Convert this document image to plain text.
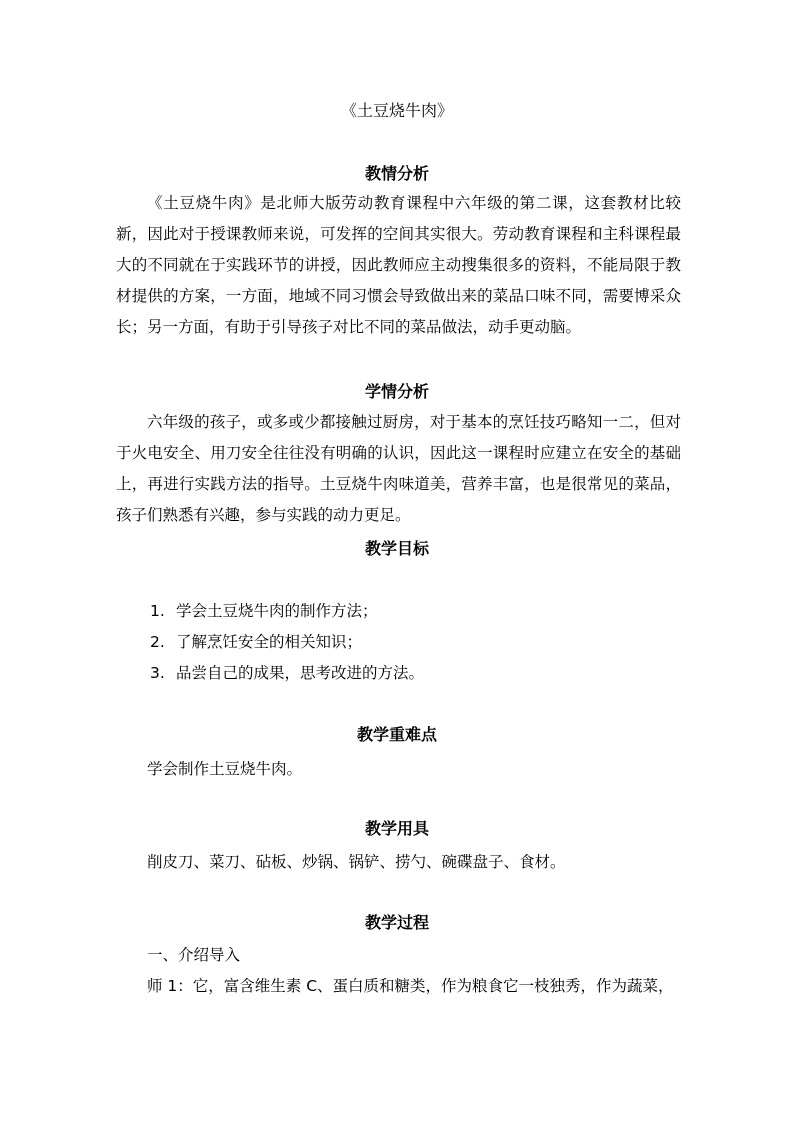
《土豆烧牛肉》
教情分析

《土豆烧牛肉》是北师大版劳动教育课程中六年级的第二课，这套教材比较新，因此对于授课教师来说，可发挥的空间其实很大。劳动教育课程和主科课程最大的不同就在于实践环节的讲授，因此教师应主动搜集很多的资料，不能局限于教材提供的方案，一方面，地域不同习惯会导致做出来的菜品口味不同，需要博采众长；另一方面，有助于引导孩子对比不同的菜品做法，动手更动脑。

学情分析

六年级的孩子，或多或少都接触过厨房，对于基本的烹饪技巧略知一二，但对于火电安全、用刀安全往往没有明确的认识，因此这一课程时应建立在安全的基础上，再进行实践方法的指导。土豆烧牛肉味道美，营养丰富，也是很常见的菜品，孩子们熟悉有兴趣，参与实践的动力更足。

教学目标
1. 学会土豆烧牛肉的制作方法；
2. 了解烹饪安全的相关知识；
3. 品尝自己的成果，思考改进的方法。
教学重难点
学会制作土豆烧牛肉。
教学用具
削皮刀、菜刀、砧板、炒锅、锅铲、捞勺、碗碟盘子、食材。
教学过程
一、介绍导入
师 1：它，富含维生素 C、蛋白质和糖类，作为粮食它一枝独秀，作为蔬菜，
